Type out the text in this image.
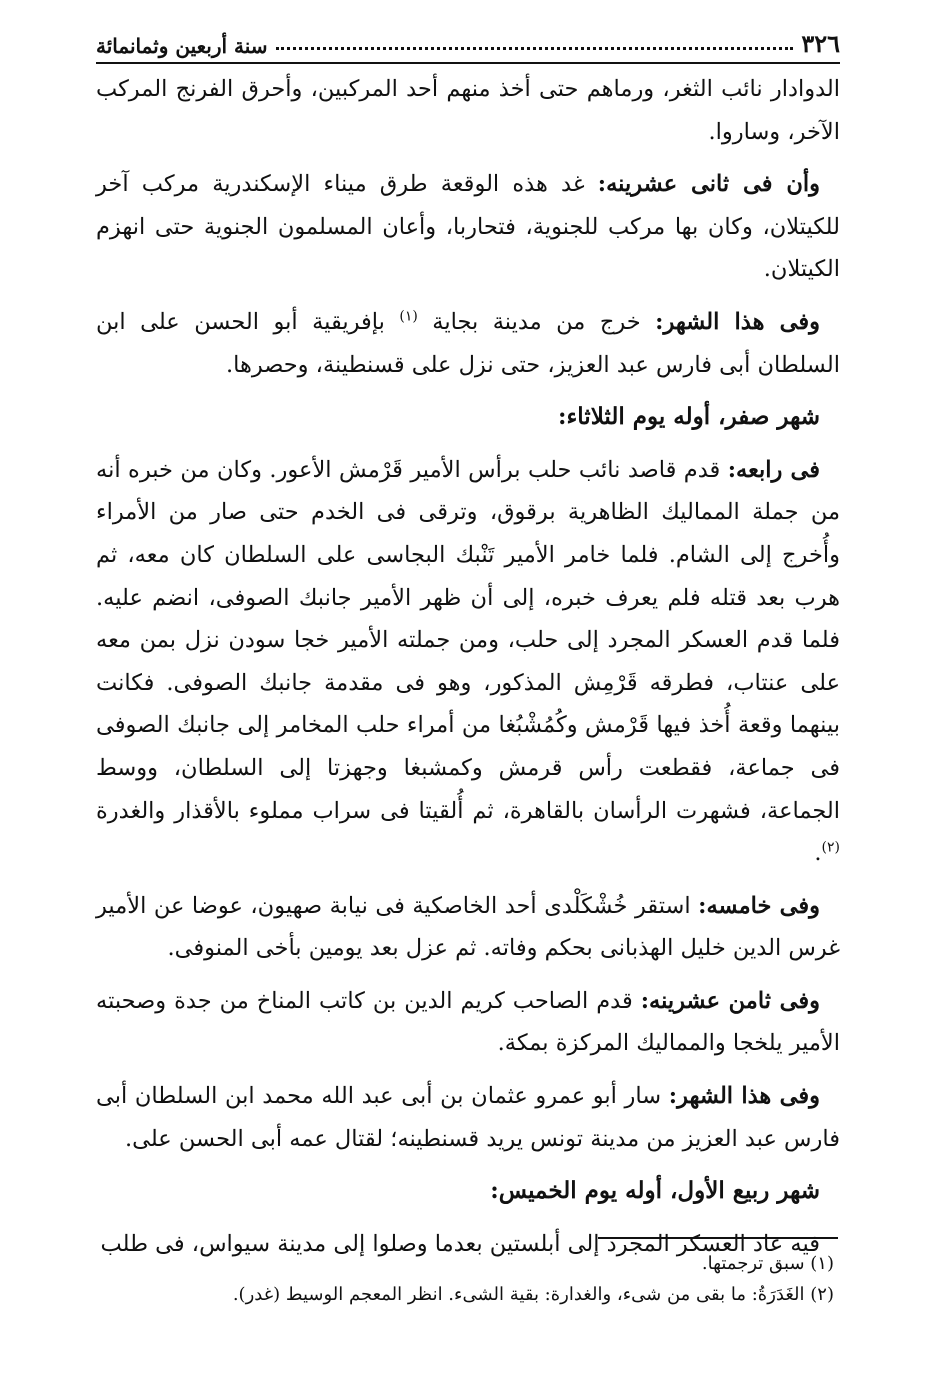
٣٢٦
سنة أربعين وثمانمائة

الدوادار نائب الثغر، ورماهم حتى أخذ منهم أحد المركبين، وأحرق الفرنج المركب الآخر، وساروا.

وأن فى ثانى عشرينه: غد هذه الوقعة طرق ميناء الإسكندرية مركب آخر للكيتلان، وكان بها مركب للجنوية، فتحاربا، وأعان المسلمون الجنوية حتى انهزم الكيتلان.

وفى هذا الشهر: خرج من مدينة بجاية $^{(١)}$ بإفريقية أبو الحسن على ابن السلطان أبى فارس عبد العزيز، حتى نزل على قسنطينة، وحصرها.

شهر صفر، أوله يوم الثلاثاء:

فى رابعه: قدم قاصد نائب حلب برأس الأمير قَرْمش الأعور. وكان من خبره أنه من جملة المماليك الظاهرية برقوق، وترقى فى الخدم حتى صار من الأمراء وأُخرج إلى الشام. فلما خامر الأمير تَنْبك البجاسى على السلطان كان معه، ثم هرب بعد قتله فلم يعرف خبره، إلى أن ظهر الأمير جانبك الصوفى، انضم عليه. فلما قدم العسكر المجرد إلى حلب، ومن جملته الأمير خجا سودن نزل بمن معه على عنتاب، فطرقه قَرْمِش المذكور، وهو فى مقدمة جانبك الصوفى. فكانت بينهما وقعة أُخذ فيها قَرْمش وكُمُشْبُغا من أمراء حلب المخامر إلى جانبك الصوفى فى جماعة، فقطعت رأس قرمش وكمشبغا وجهزتا إلى السلطان، ووسط الجماعة، فشهرت الرأسان بالقاهرة، ثم أُلقيتا فى سراب مملوء بالأقذار والغدرة $^{(٢)}$.

وفى خامسه: استقر خُشْكَلْدى أحد الخاصكية فى نيابة صهيون، عوضا عن الأمير غرس الدين خليل الهذبانى بحكم وفاته. ثم عزل بعد يومين بأخى المنوفى.

وفى ثامن عشرينه: قدم الصاحب كريم الدين بن كاتب المناخ من جدة وصحبته الأمير يلخجا والمماليك المركزة بمكة.

وفى هذا الشهر: سار أبو عمرو عثمان بن أبى عبد الله محمد ابن السلطان أبى فارس عبد العزيز من مدينة تونس يريد قسنطينه؛ لقتال عمه أبى الحسن على.

شهر ربيع الأول، أوله يوم الخميس:

فيه عاد العسكر المجرد إلى أبلستين بعدما وصلوا إلى مدينة سيواس، فى طلب

(١) سبق ترجمتها.

(٢) الغَدَرَةُ: ما بقى من شىء، والغدارة: بقية الشىء. انظر المعجم الوسيط (غدر).
